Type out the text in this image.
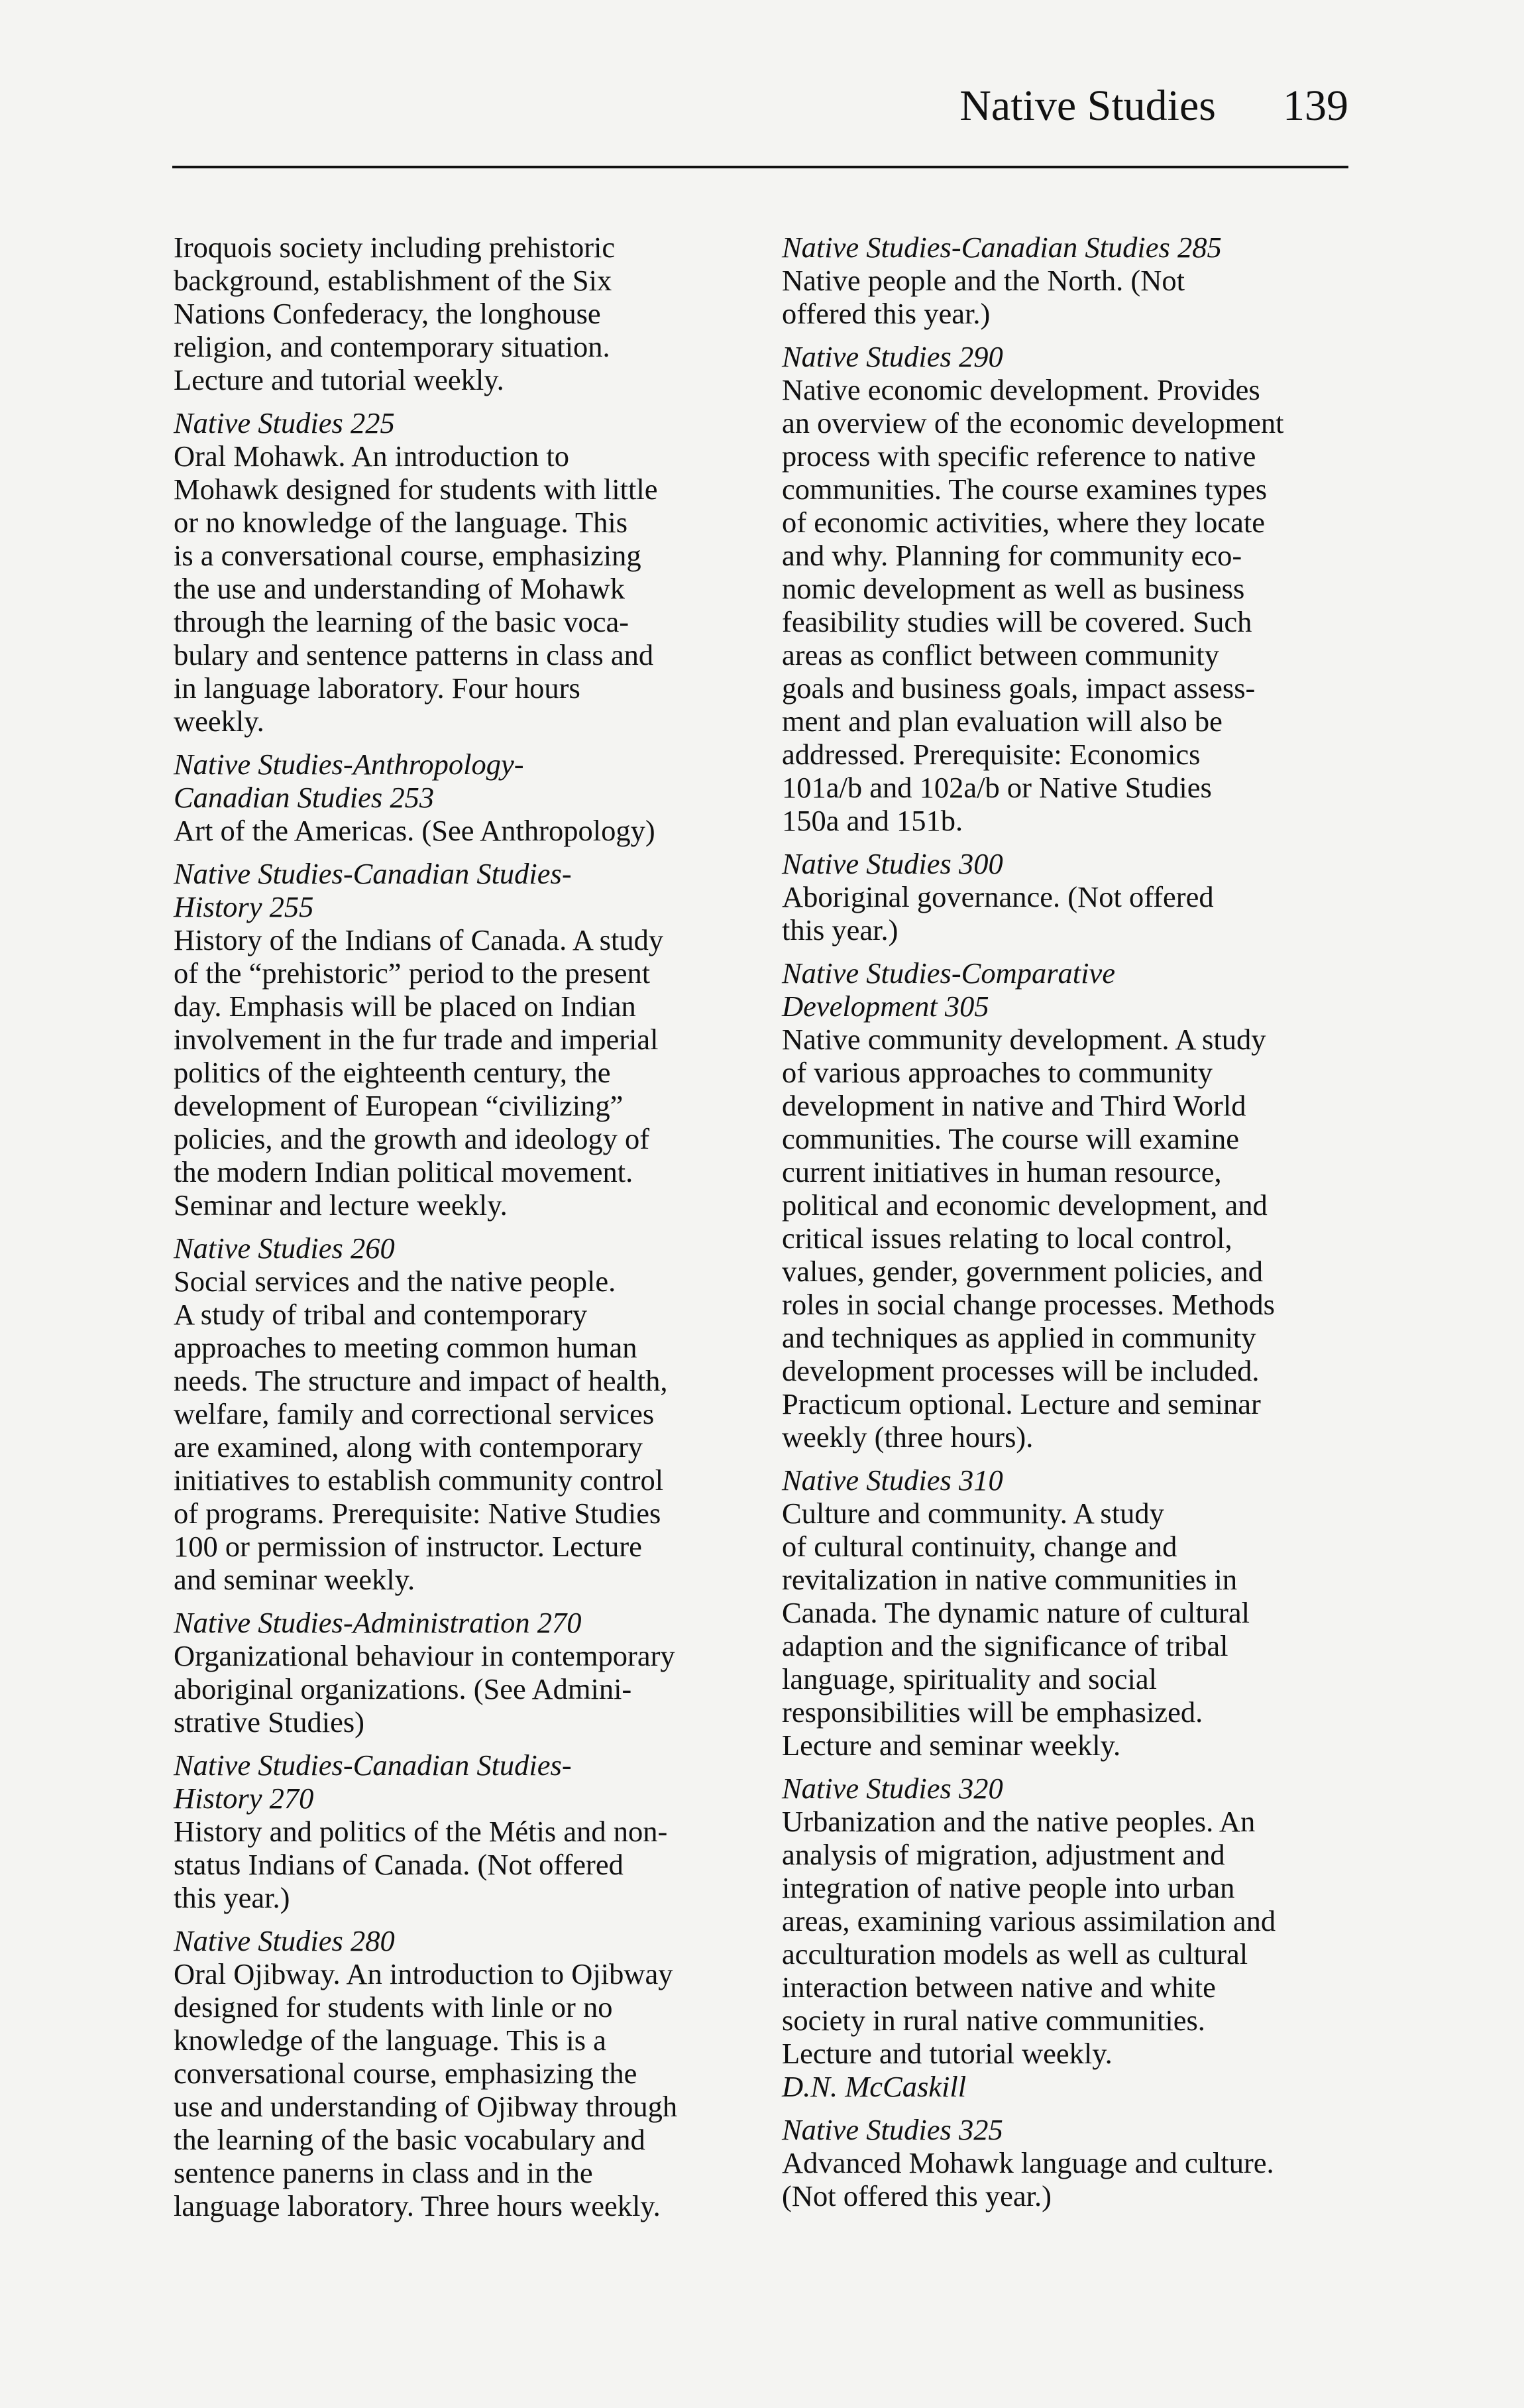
Native Studies 139
Iroquois society including prehistoric
background, establishment of the Six
Nations Confederacy, the longhouse
religion, and contemporary situation.
Lecture and tutorial weekly.
Native Studies 225
Oral Mohawk. An introduction to
Mohawk designed for students with little
or no knowledge of the language. This
is a conversational course, emphasizing
the use and understanding of Mohawk
through the learning of the basic voca-
bulary and sentence patterns in class and
in language laboratory. Four hours
weekly.
Native Studies-Anthropology-
Canadian Studies 253
Art of the Americas. (See Anthropology)
Native Studies-Canadian Studies-
History 255
History of the Indians of Canada. A study
of the “prehistoric” period to the present
day. Emphasis will be placed on Indian
involvement in the fur trade and imperial
politics of the eighteenth century, the
development of European “civilizing”
policies, and the growth and ideology of
the modern Indian political movement.
Seminar and lecture weekly.
Native Studies 260
Social services and the native people.
A study of tribal and contemporary
approaches to meeting common human
needs. The structure and impact of health,
welfare, family and correctional services
are examined, along with contemporary
initiatives to establish community control
of programs. Prerequisite: Native Studies
100 or permission of instructor. Lecture
and seminar weekly.
Native Studies-Administration 270
Organizational behaviour in contemporary
aboriginal organizations. (See Admini-
strative Studies)
Native Studies-Canadian Studies-
History 270
History and politics of the Métis and non-
status Indians of Canada. (Not offered
this year.)
Native Studies 280
Oral Ojibway. An introduction to Ojibway
designed for students with linle or no
knowledge of the language. This is a
conversational course, emphasizing the
use and understanding of Ojibway through
the learning of the basic vocabulary and
sentence panerns in class and in the
language laboratory. Three hours weekly.
Native Studies-Canadian Studies 285
Native people and the North. (Not
offered this year.)
Native Studies 290
Native economic development. Provides
an overview of the economic development
process with specific reference to native
communities. The course examines types
of economic activities, where they locate
and why. Planning for community eco-
nomic development as well as business
feasibility studies will be covered. Such
areas as conflict between community
goals and business goals, impact assess-
ment and plan evaluation will also be
addressed. Prerequisite: Economics
101a/b and 102a/b or Native Studies
150a and 151b.
Native Studies 300
Aboriginal governance. (Not offered
this year.)
Native Studies-Comparative
Development 305
Native community development. A study
of various approaches to community
development in native and Third World
communities. The course will examine
current initiatives in human resource,
political and economic development, and
critical issues relating to local control,
values, gender, government policies, and
roles in social change processes. Methods
and techniques as applied in community
development processes will be included.
Practicum optional. Lecture and seminar
weekly (three hours).
Native Studies 310
Culture and community. A study
of cultural continuity, change and
revitalization in native communities in
Canada. The dynamic nature of cultural
adaption and the significance of tribal
language, spirituality and social
responsibilities will be emphasized.
Lecture and seminar weekly.
Native Studies 320
Urbanization and the native peoples. An
analysis of migration, adjustment and
integration of native people into urban
areas, examining various assimilation and
acculturation models as well as cultural
interaction between native and white
society in rural native communities.
Lecture and tutorial weekly.
D.N. McCaskill
Native Studies 325
Advanced Mohawk language and culture.
(Not offered this year.)
